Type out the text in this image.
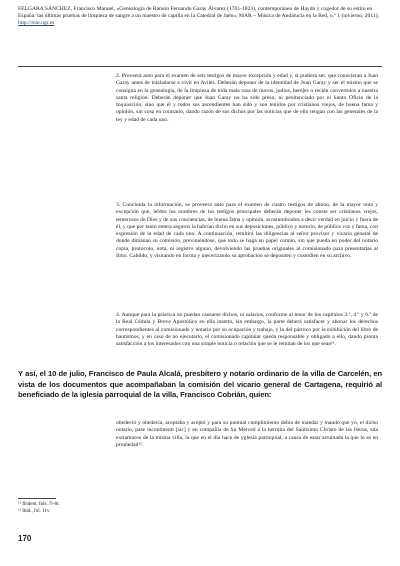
FELGARA SÁNCHEZ, Francisco Manuel, «Genealogía de Ramón Fernando Garay Álvarez (1761-1823), contemporáneo de Haydn y cogedor de su estilo en España: las últimas pruebas de limpieza de sangre a un maestro de capilla en la Catedral de Jaén», MAR – Música de Andalucía en la Red, n.º 1 (invierno, 2011), http://mar.ugr.es

2. Proveerá auto para el examen de seis testigos de mayor excepción y edad y, si pudiera ser, que conocieran a Juan Garay antes de trasladarse a vivir en Avilés. Deberán deponer de la identidad de Juan Garay y ser el mismo que se consigna en la genealogía, de la limpieza de toda mala raza de moros, judíos, herejes o recién convertidos a nuestra santa religión. Deberán deponer que Juan Garay no ha sido preso, ni penitenciado por el Santo Oficio de la Inquisición, sino que él y todos sus ascendientes han sido y son tenidos por cristianos viejos, de buena fama y opinión, sin cosa en contrario, dando razón de sus dichos por las noticias que de ello tengan con las generales de la ley y edad de cada uno.

3. Concluida la información, se proveerá auto para el examen de cuatro testigos de abono, de la mayor nota y excepción que, leídos los nombres de los testigos principales deberán deponer les conste ser cristianos viejos, temerosos de Dios y de sus conciencias, de buena fama y opinión, acostumbrados a decir verdad en juicio y fuera de él, y que por tanto entera seguros la habrían dicho en sus deposiciones, público y notorio, de pública voz y fama, con expresión de la edad de cada uno. A continuación, remitirá las diligencias al señor provisor y vicario general de donde dimanan su comisión, previniéndose, que todo se haga en papel común, sin que pueda en poder del notario copia, protocolo, nota, ni registro alguno, devolviendo las pruebas originales al comisionado para presentarlas al Ilmo. Cabildo, y visitando en forma y mecerizando su aprobación se depositen y custodien en su archivo.

4. Aunque para la práctica no puedan causarse dichos, ni salarios, conforme al tenor de los capítulos 3.º, 4.º y 6.º de la Real Cédula y Breve Apostólico en ella inserto, sin embargo, la parte deberá satisfacer y abonar los derechos correspondientes al comisionado y notario por su ocupación y trabajo, y la del párroco por la exhibición del libro de bautismos, y en caso de no ejecutarlo, el comisionado capitular queda responsable y obligado a ello, dando pronta satisfacción a los interesados con una simple noticia o relación que se le remitan de los que sean¹¹.

Y así, el 10 de julio, Francisco de Paula Alcalá, presbítero y notario ordinario de la villa de Carcelén, en vista de los documentos que acompañaban la comisión del vicario general de Cartagena, requirió al beneficiado de la iglesia parroquial de la villa, Francisco Cobrián, quien:

obedeció y obedecía, aceptaba y aceptó y para su puntual cumplimiento debía de mandar y mandó que yo, el dicho notario, pase incontinenti [sic] y en compañía de Su Merced a la hermita del Santísimo Christo de las Heras, sita extramuros de la misma villa, la que en el día hace de yglesia parroquial, a causa de estar arruinada la que lo es en propiedad¹².

¹¹ Ibidem, fols. 7r-8r.
¹² Ibid., fol. 11v.
170
